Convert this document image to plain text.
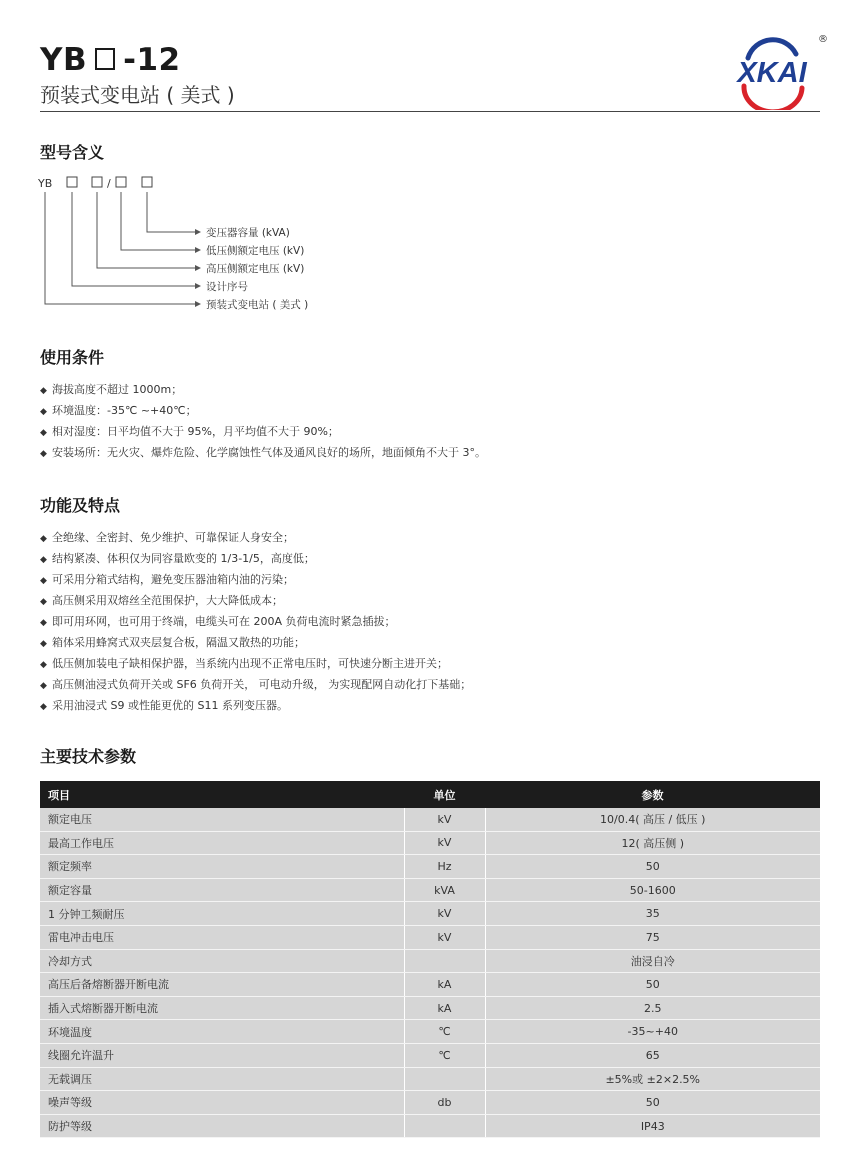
YB -12
预装式变电站 ( 美式 )
XKAI
®
型号含义
YB	/
变压器容量 (kVA)
低压侧额定电压 (kV)
高压侧额定电压 (kV)
设计序号
预装式变电站 ( 美式 )
使用条件
◆ 海拔高度不超过 1000m；
◆ 环境温度：-35℃ ~+40℃；
◆ 相对湿度：日平均值不大于 95%，月平均值不大于 90%；
◆ 安装场所：无火灾、爆炸危险、化学腐蚀性气体及通风良好的场所，地面倾角不大于 3°。
功能及特点
◆ 全绝缘、全密封、免少维护、可靠保证人身安全；
◆ 结构紧凑、体积仅为同容量欧变的 1/3-1/5，高度低；
◆ 可采用分箱式结构，避免变压器油箱内油的污染；
◆ 高压侧采用双熔丝全范围保护，大大降低成本；
◆ 即可用环网，也可用于终端，电缆头可在 200A 负荷电流时紧急插拔；
◆ 箱体采用蜂窝式双夹层复合板，隔温又散热的功能；
◆ 低压侧加装电子缺相保护器，当系统内出现不正常电压时，可快速分断主进开关；
◆ 高压侧油浸式负荷开关或 SF6 负荷开关， 可电动升级， 为实现配网自动化打下基础；
◆ 采用油浸式 S9 或性能更优的 S11 系列变压器。
主要技术参数
项目	单位	参数
额定电压	kV	10/0.4( 高压 / 低压 )
最高工作电压	kV	12( 高压侧 )
额定频率	Hz	50
额定容量	kVA	50-1600
1 分钟工频耐压	kV	35
雷电冲击电压	kV	75
冷却方式		油浸自冷
高压后备熔断器开断电流	kA	50
插入式熔断器开断电流	kA	2.5
环境温度	℃	-35~+40
线圈允许温升	℃	65
无载调压		±5%或 ±2×2.5%
噪声等级	db	50
防护等级		IP43
